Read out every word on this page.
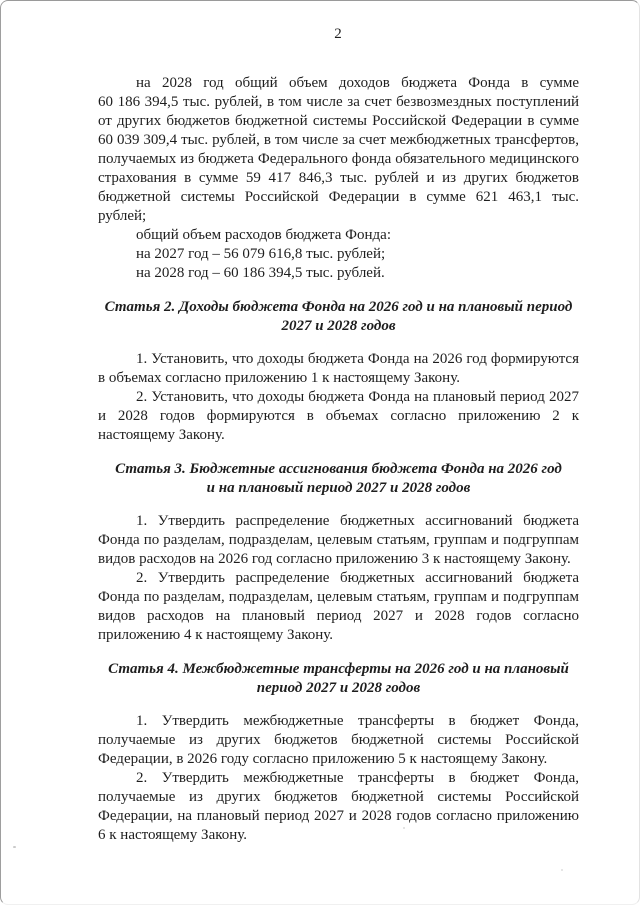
2

на 2028 год общий объем доходов бюджета Фонда в сумме 60 186 394,5 тыс. рублей, в том числе за счет безвозмездных поступлений от других бюджетов бюджетной системы Российской Федерации в сумме 60 039 309,4 тыс. рублей, в том числе за счет межбюджетных трансфертов, получаемых из бюджета Федерального фонда обязательного медицинского страхования в сумме 59 417 846,3 тыс. рублей и из других бюджетов бюджетной системы Российской Федерации в сумме 621 463,1 тыс. рублей;

общий объем расходов бюджета Фонда:

на 2027 год – 56 079 616,8 тыс. рублей;

на 2028 год – 60 186 394,5 тыс. рублей.

Статья 2. Доходы бюджета Фонда на 2026 год и на плановый период
2027 и 2028 годов

1. Установить, что доходы бюджета Фонда на 2026 год формируются в объемах согласно приложению 1 к настоящему Закону.

2. Установить, что доходы бюджета Фонда на плановый период 2027 и 2028 годов формируются в объемах согласно приложению 2 к настоящему Закону.

Статья 3. Бюджетные ассигнования бюджета Фонда на 2026 год
и на плановый период 2027 и 2028 годов

1. Утвердить распределение бюджетных ассигнований бюджета Фонда по разделам, подразделам, целевым статьям, группам и подгруппам видов расходов на 2026 год согласно приложению 3 к настоящему Закону.

2. Утвердить распределение бюджетных ассигнований бюджета Фонда по разделам, подразделам, целевым статьям, группам и подгруппам видов расходов на плановый период 2027 и 2028 годов согласно приложению 4 к настоящему Закону.

Статья 4. Межбюджетные трансферты на 2026 год и на плановый
период 2027 и 2028 годов

1. Утвердить межбюджетные трансферты в бюджет Фонда, получаемые из других бюджетов бюджетной системы Российской Федерации, в 2026 году согласно приложению 5 к настоящему Закону.

2. Утвердить межбюджетные трансферты в бюджет Фонда, получаемые из других бюджетов бюджетной системы Российской Федерации, на плановый период 2027 и 2028 годов согласно приложению 6 к настоящему Закону.
